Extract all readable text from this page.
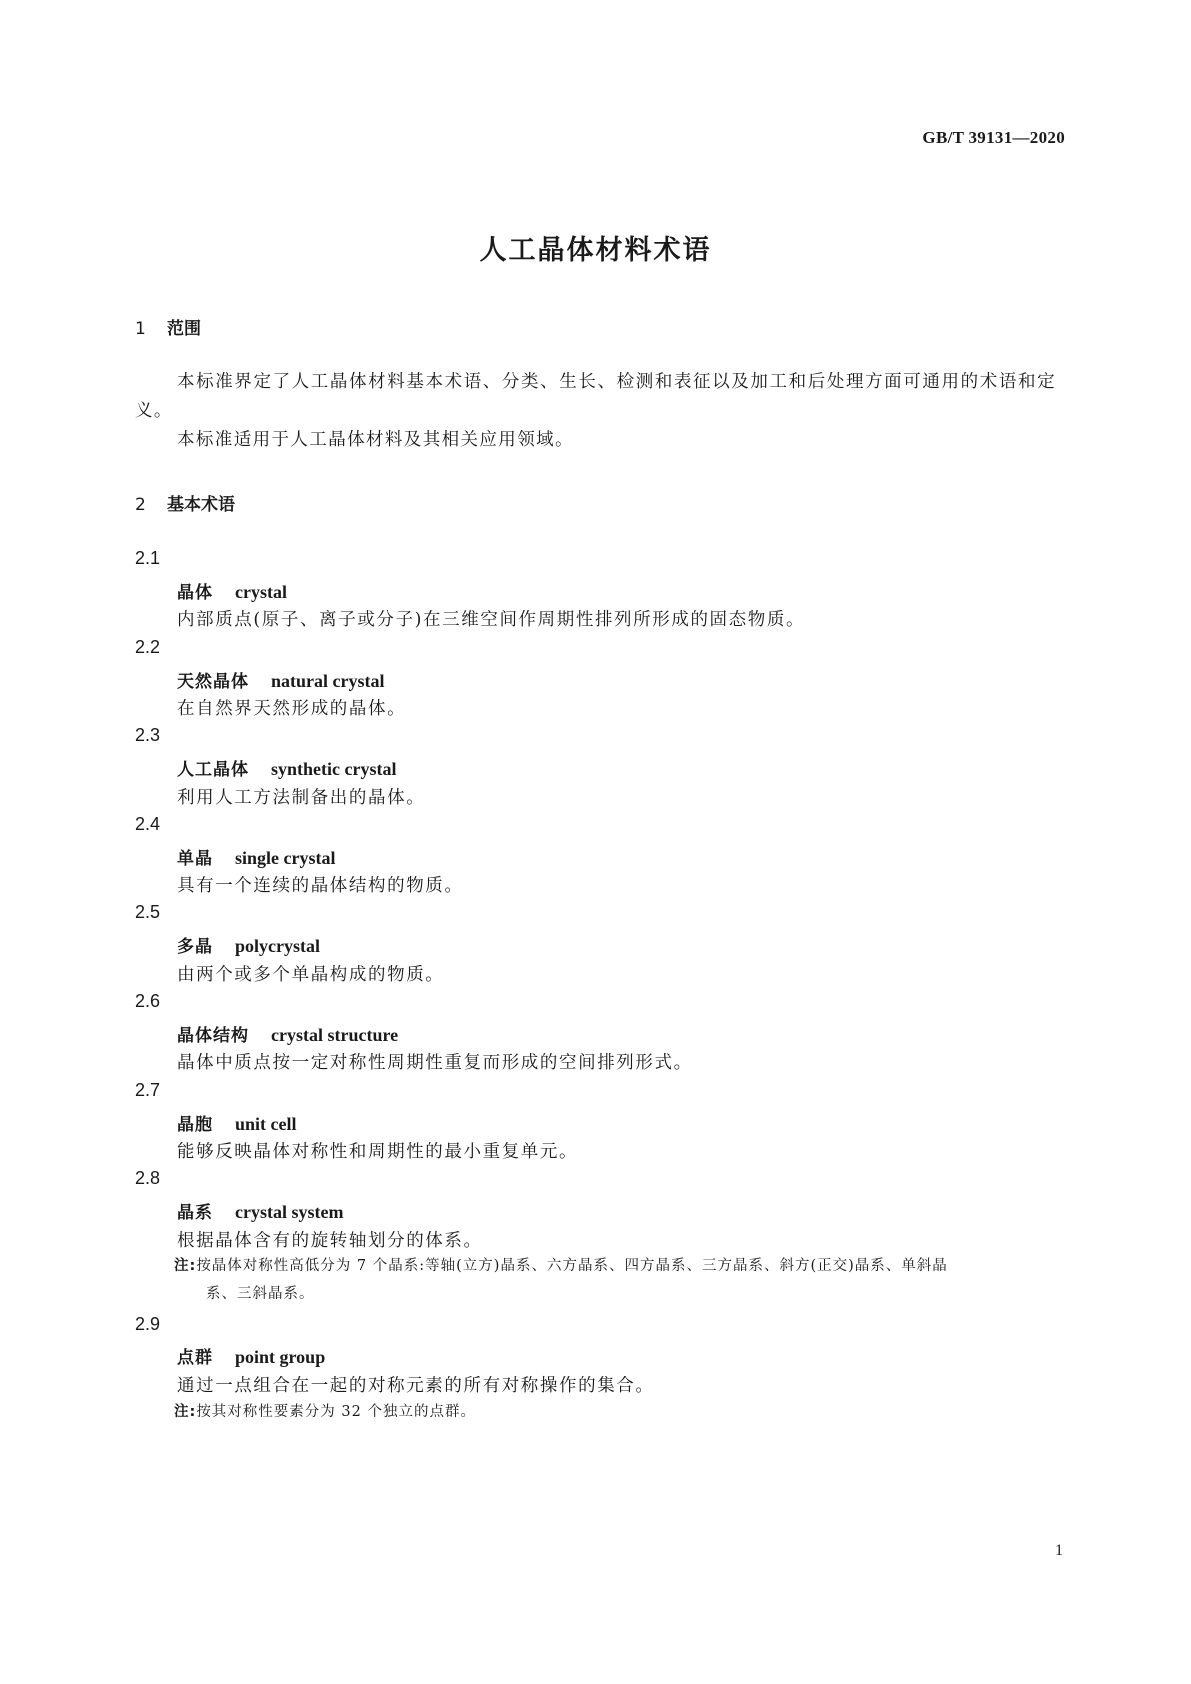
GB/T 39131—2020
人工晶体材料术语
1 范围
本标准界定了人工晶体材料基本术语、分类、生长、检测和表征以及加工和后处理方面可通用的术语和定义。
本标准适用于人工晶体材料及其相关应用领域。
2 基本术语
2.1
晶体 crystal
内部质点(原子、离子或分子)在三维空间作周期性排列所形成的固态物质。
2.2
天然晶体 natural crystal
在自然界天然形成的晶体。
2.3
人工晶体 synthetic crystal
利用人工方法制备出的晶体。
2.4
单晶 single crystal
具有一个连续的晶体结构的物质。
2.5
多晶 polycrystal
由两个或多个单晶构成的物质。
2.6
晶体结构 crystal structure
晶体中质点按一定对称性周期性重复而形成的空间排列形式。
2.7
晶胞 unit cell
能够反映晶体对称性和周期性的最小重复单元。
2.8
晶系 crystal system
根据晶体含有的旋转轴划分的体系。
注:按晶体对称性高低分为 7 个晶系:等轴(立方)晶系、六方晶系、四方晶系、三方晶系、斜方(正交)晶系、单斜晶
系、三斜晶系。
2.9
点群 point group
通过一点组合在一起的对称元素的所有对称操作的集合。
注:按其对称性要素分为 32 个独立的点群。
1
